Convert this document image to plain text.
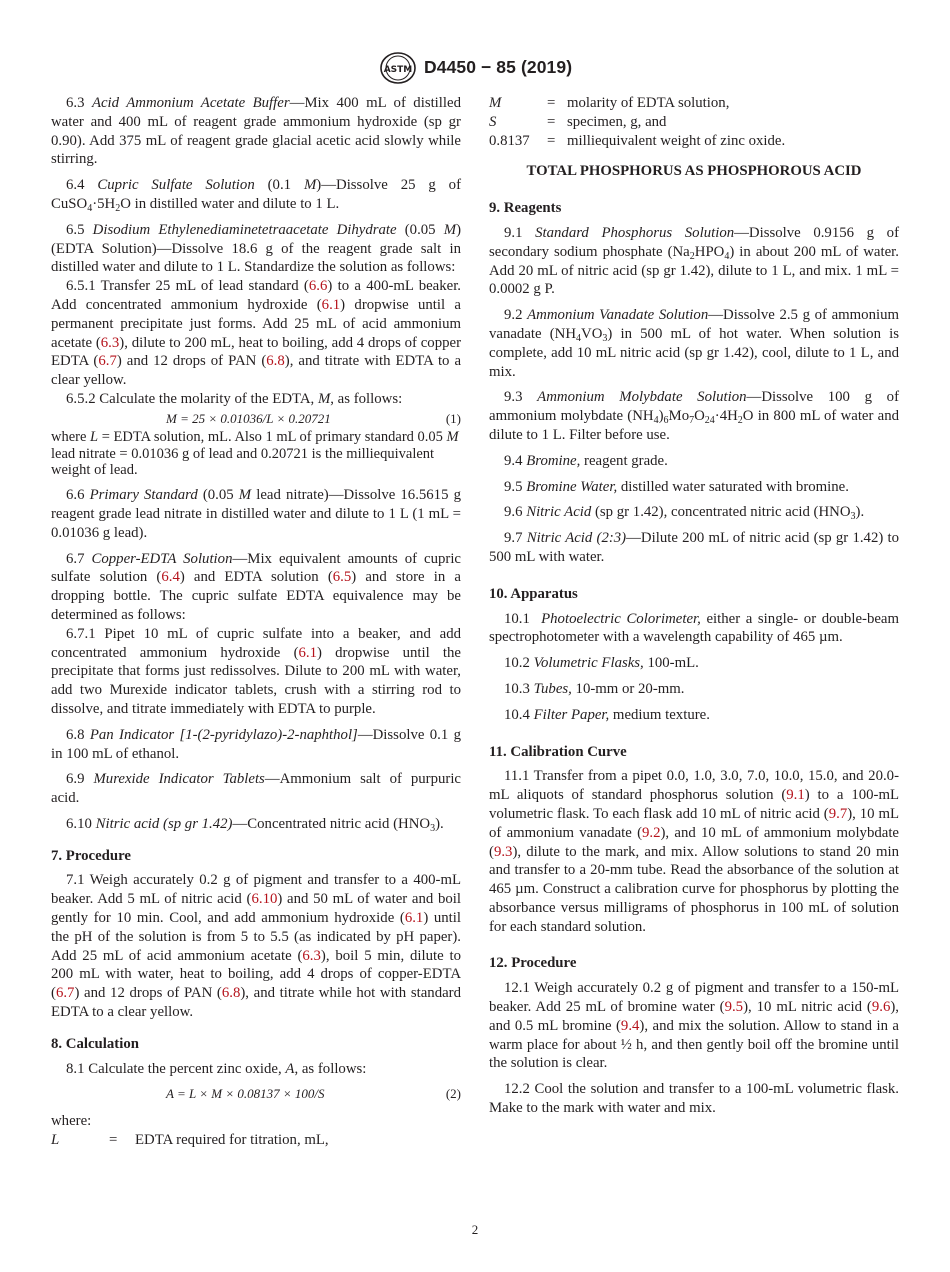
ASTM D4450 − 85 (2019)

6.3 Acid Ammonium Acetate Buffer—Mix 400 mL of distilled water and 400 mL of reagent grade ammonium hydroxide (sp gr 0.90). Add 375 mL of reagent grade glacial acetic acid slowly while stirring.

6.4 Cupric Sulfate Solution (0.1 M)—Dissolve 25 g of $CuSO_4\cdot 5H_2O$ in distilled water and dilute to 1 L.

6.5 Disodium Ethylenediaminetetraacetate Dihydrate (0.05 M) (EDTA Solution)—Dissolve 18.6 g of the reagent grade salt in distilled water and dilute to 1 L. Standardize the solution as follows:

6.5.1 Transfer 25 mL of lead standard (6.6) to a 400-mL beaker. Add concentrated ammonium hydroxide (6.1) dropwise until a permanent precipitate just forms. Add 25 mL of acid ammonium acetate (6.3), dilute to 200 mL, heat to boiling, add 4 drops of copper EDTA (6.7) and 12 drops of PAN (6.8), and titrate with EDTA to a clear yellow.

6.5.2 Calculate the molarity of the EDTA, M, as follows:

M = 25 × 0.01036/L × 0.20721	(1)

where L = EDTA solution, mL. Also 1 mL of primary standard 0.05 M lead nitrate = 0.01036 g of lead and 0.20721 is the milliequivalent weight of lead.

6.6 Primary Standard (0.05 M lead nitrate)—Dissolve 16.5615 g reagent grade lead nitrate in distilled water and dilute to 1 L (1 mL = 0.01036 g lead).

6.7 Copper-EDTA Solution—Mix equivalent amounts of cupric sulfate solution (6.4) and EDTA solution (6.5) and store in a dropping bottle. The cupric sulfate EDTA equivalence may be determined as follows:

6.7.1 Pipet 10 mL of cupric sulfate into a beaker, and add concentrated ammonium hydroxide (6.1) dropwise until the precipitate that forms just redissolves. Dilute to 200 mL with water, add two Murexide indicator tablets, crush with a stirring rod to dissolve, and titrate immediately with EDTA to purple.

6.8 Pan Indicator [1-(2-pyridylazo)-2-naphthol]—Dissolve 0.1 g in 100 mL of ethanol.

6.9 Murexide Indicator Tablets—Ammonium salt of purpuric acid.

6.10 Nitric acid (sp gr 1.42)—Concentrated nitric acid $(HNO_3)$.

7. Procedure

7.1 Weigh accurately 0.2 g of pigment and transfer to a 400-mL beaker. Add 5 mL of nitric acid (6.10) and 50 mL of water and boil gently for 10 min. Cool, and add ammonium hydroxide (6.1) until the pH of the solution is from 5 to 5.5 (as indicated by pH paper). Add 25 mL of acid ammonium acetate (6.3), boil 5 min, dilute to 200 mL with water, heat to boiling, add 4 drops of copper-EDTA (6.7) and 12 drops of PAN (6.8), and titrate while hot with standard EDTA to a clear yellow.

8. Calculation

8.1 Calculate the percent zinc oxide, A, as follows:

A = L × M × 0.08137 × 100/S	(2)

where:

L	=	EDTA required for titration, mL,
M	= molarity of EDTA solution,
S	= specimen, g, and
0.8137	= milliequivalent weight of zinc oxide.

TOTAL PHOSPHORUS AS PHOSPHOROUS ACID

9. Reagents

9.1 Standard Phosphorus Solution—Dissolve 0.9156 g of secondary sodium phosphate $(Na_2HPO_4)$ in about 200 mL of water. Add 20 mL of nitric acid (sp gr 1.42), dilute to 1 L, and mix. 1 mL = 0.0002 g P.

9.2 Ammonium Vanadate Solution—Dissolve 2.5 g of ammonium vanadate $(NH_4VO_3)$ in 500 mL of hot water. When solution is complete, add 10 mL nitric acid (sp gr 1.42), cool, dilute to 1 L, and mix.

9.3 Ammonium Molybdate Solution—Dissolve 100 g of ammonium molybdate $(NH_4)_6Mo_7O_{24}\cdot 4H_2O$ in 800 mL of water and dilute to 1 L. Filter before use.

9.4 Bromine, reagent grade.

9.5 Bromine Water, distilled water saturated with bromine.

9.6 Nitric Acid (sp gr 1.42), concentrated nitric acid $(HNO_3)$.

9.7 Nitric Acid (2:3)—Dilute 200 mL of nitric acid (sp gr 1.42) to 500 mL with water.

10. Apparatus

10.1 Photoelectric Colorimeter, either a single- or double-beam spectrophotometer with a wavelength capability of 465 µm.

10.2 Volumetric Flasks, 100-mL.

10.3 Tubes, 10-mm or 20-mm.

10.4 Filter Paper, medium texture.

11. Calibration Curve

11.1 Transfer from a pipet 0.0, 1.0, 3.0, 7.0, 10.0, 15.0, and 20.0-mL aliquots of standard phosphorus solution (9.1) to a 100-mL volumetric flask. To each flask add 10 mL of nitric acid (9.7), 10 mL of ammonium vanadate (9.2), and 10 mL of ammonium molybdate (9.3), dilute to the mark, and mix. Allow solutions to stand 20 min and transfer to a 20-mm tube. Read the absorbance of the solution at 465 µm. Construct a calibration curve for phosphorus by plotting the absorbance versus milligrams of phosphorus in 100 mL of solution for each standard solution.

12. Procedure

12.1 Weigh accurately 0.2 g of pigment and transfer to a 150-mL beaker. Add 25 mL of bromine water (9.5), 10 mL nitric acid (9.6), and 0.5 mL bromine (9.4), and mix the solution. Allow to stand in a warm place for about ½ h, and then gently boil off the bromine until the solution is clear.

12.2 Cool the solution and transfer to a 100-mL volumetric flask. Make to the mark with water and mix.

2
